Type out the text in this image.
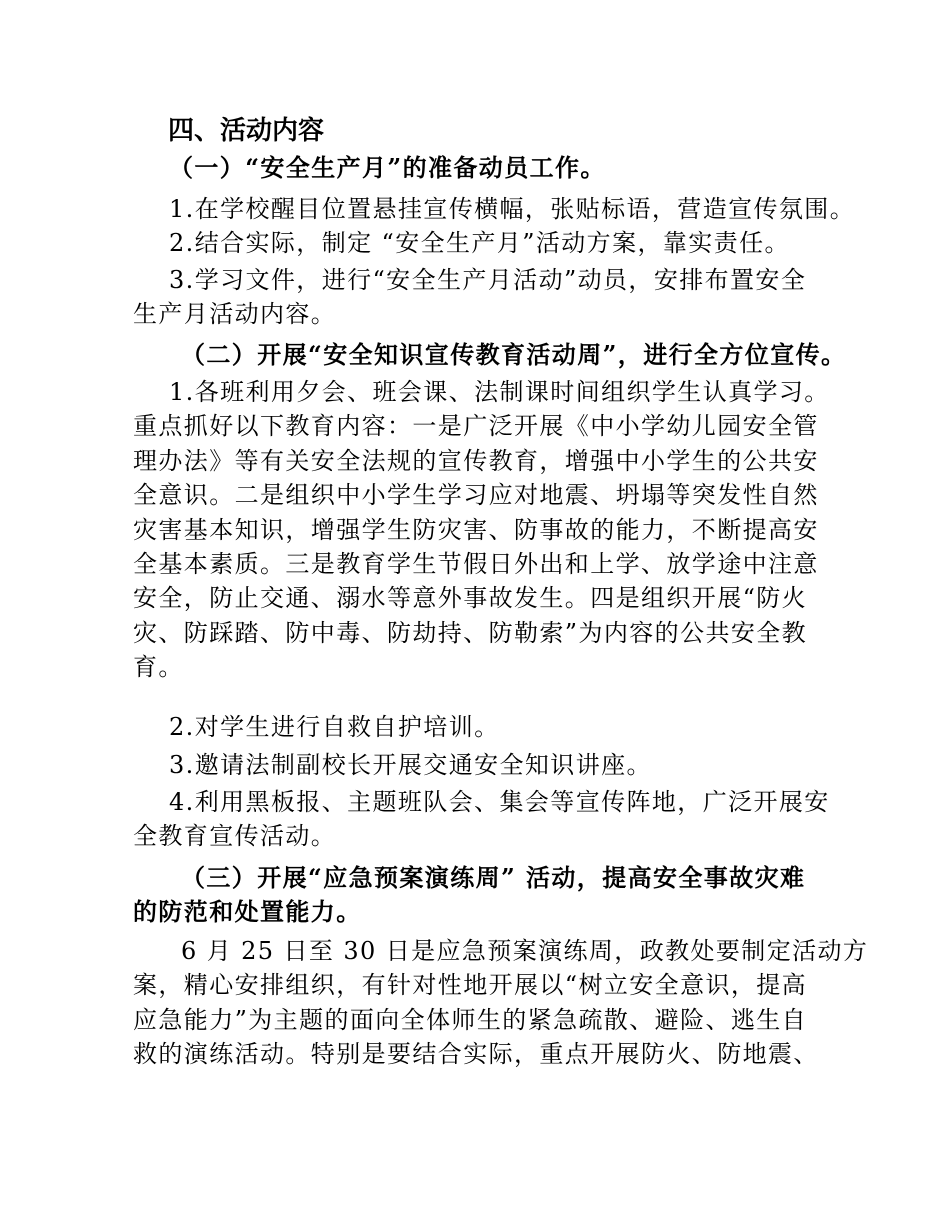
四、活动内容
（一）“安全生产月”的准备动员工作。
1.在学校醒目位置悬挂宣传横幅，张贴标语，营造宣传氛围。
2.结合实际，制定 “安全生产月”活动方案，靠实责任。
3.学习文件，进行“安全生产月活动”动员，安排布置安全
生产月活动内容。
（二）开展“安全知识宣传教育活动周”，进行全方位宣传。
1.各班利用夕会、班会课、法制课时间组织学生认真学习。
重点抓好以下教育内容：一是广泛开展《中小学幼儿园安全管
理办法》等有关安全法规的宣传教育，增强中小学生的公共安
全意识。二是组织中小学生学习应对地震、坍塌等突发性自然
灾害基本知识，增强学生防灾害、防事故的能力，不断提高安
全基本素质。三是教育学生节假日外出和上学、放学途中注意
安全，防止交通、溺水等意外事故发生。四是组织开展“防火
灾、防踩踏、防中毒、防劫持、防勒索”为内容的公共安全教
育。
2.对学生进行自救自护培训。
3.邀请法制副校长开展交通安全知识讲座。
4.利用黑板报、主题班队会、集会等宣传阵地，广泛开展安
全教育宣传活动。
（三）开展“应急预案演练周” 活动，提高安全事故灾难
的防范和处置能力。
6 月 25 日至 30 日是应急预案演练周，政教处要制定活动方
案，精心安排组织，有针对性地开展以“树立安全意识，提高
应急能力”为主题的面向全体师生的紧急疏散、避险、逃生自
救的演练活动。特别是要结合实际，重点开展防火、防地震、
